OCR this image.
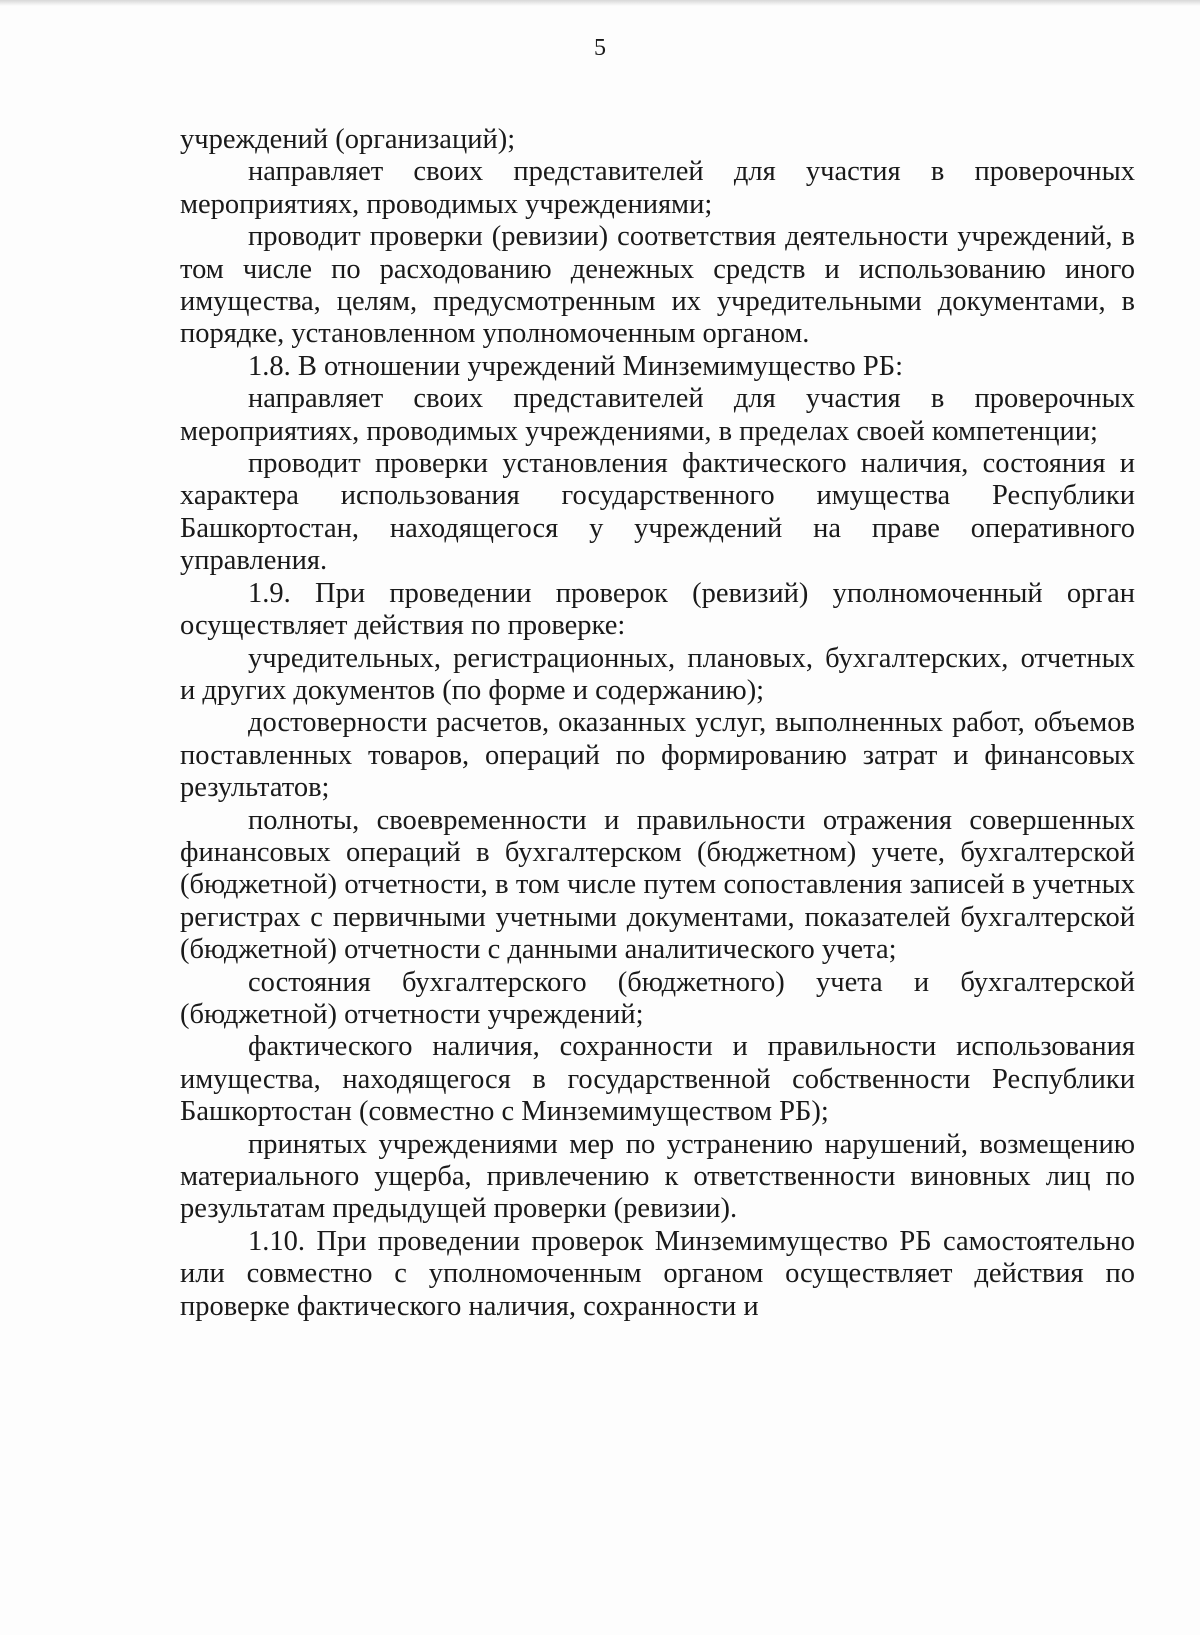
5

учреждений (организаций);

направляет своих представителей для участия в проверочных мероприятиях, проводимых учреждениями;

проводит проверки (ревизии) соответствия деятельности учреждений, в том числе по расходованию денежных средств и использованию иного имущества, целям, предусмотренным их учредительными документами, в порядке, установленном уполномоченным органом.

1.8. В отношении учреждений Минземимущество РБ:

направляет своих представителей для участия в проверочных мероприятиях, проводимых учреждениями, в пределах своей компетенции;

проводит проверки установления фактического наличия, состояния и характера использования государственного имущества Республики Башкортостан, находящегося у учреждений на праве оперативного управления.

1.9. При проведении проверок (ревизий) уполномоченный орган осуществляет действия по проверке:

учредительных, регистрационных, плановых, бухгалтерских, отчетных и других документов (по форме и содержанию);

достоверности расчетов, оказанных услуг, выполненных работ, объемов поставленных товаров, операций по формированию затрат и финансовых результатов;

полноты, своевременности и правильности отражения совершенных финансовых операций в бухгалтерском (бюджетном) учете, бухгалтерской (бюджетной) отчетности, в том числе путем сопоставления записей в учетных регистрах с первичными учетными документами, показателей бухгалтерской (бюджетной) отчетности с данными аналитического учета;

состояния бухгалтерского (бюджетного) учета и бухгалтерской (бюджетной) отчетности учреждений;

фактического наличия, сохранности и правильности использования имущества, находящегося в государственной собственности Республики Башкортостан (совместно с Минземимуществом РБ);

принятых учреждениями мер по устранению нарушений, возмещению материального ущерба, привлечению к ответственности виновных лиц по результатам предыдущей проверки (ревизии).

1.10. При проведении проверок Минземимущество РБ самостоятельно или совместно с уполномоченным органом осуществляет действия по проверке фактического наличия, сохранности и
